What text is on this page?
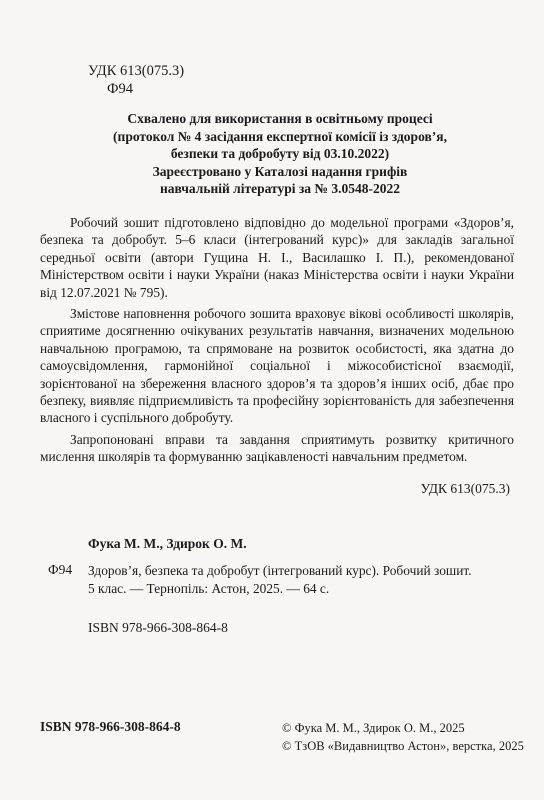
УДК 613(075.3)
Ф94
Схвалено для використання в освітньому процесі
(протокол № 4 засідання експертної комісії із здоров’я,
безпеки та добробуту від 03.10.2022)
Зареєстровано у Каталозі надання грифів
навчальній літературі за № 3.0548-2022

Робочий зошит підготовлено відповідно до модельної програми «Здоров’я, безпека та добробут. 5–6 класи (інтегрований курс)» для закладів загальної середньої освіти (автори Гущина Н. І., Василашко І. П.), рекомендованої Міністерством освіти і науки України (наказ Міністерства освіти і науки України від 12.07.2021 № 795).

Змістове наповнення робочого зошита враховує вікові особливості школярів, сприятиме досягненню очікуваних результатів навчання, визначених модельною навчальною програмою, та спрямоване на розвиток особистості, яка здатна до самоусвідомлення, гармонійної соціальної і міжособистісної взаємодії, зорієнтованої на збереження власного здоров’я та здоров’я інших осіб, дбає про безпеку, виявляє підприємливість та професійну зорієнтованість для забезпечення власного і суспільного добробуту.

Запропоновані вправи та завдання сприятимуть розвитку критичного мислення школярів та формуванню зацікавленості навчальним предметом.

УДК 613(075.3)
Фука М. М., Здирок О. М.
Ф94 Здоров’я, безпека та добробут (інтегрований курс). Робочий зошит.
5 клас. — Тернопіль: Астон, 2025. — 64 с.
ISBN 978-966-308-864-8
ISBN 978-966-308-864-8	© Фука М. М., Здирок О. М., 2025
© ТзОВ «Видавництво Астон», верстка, 2025
